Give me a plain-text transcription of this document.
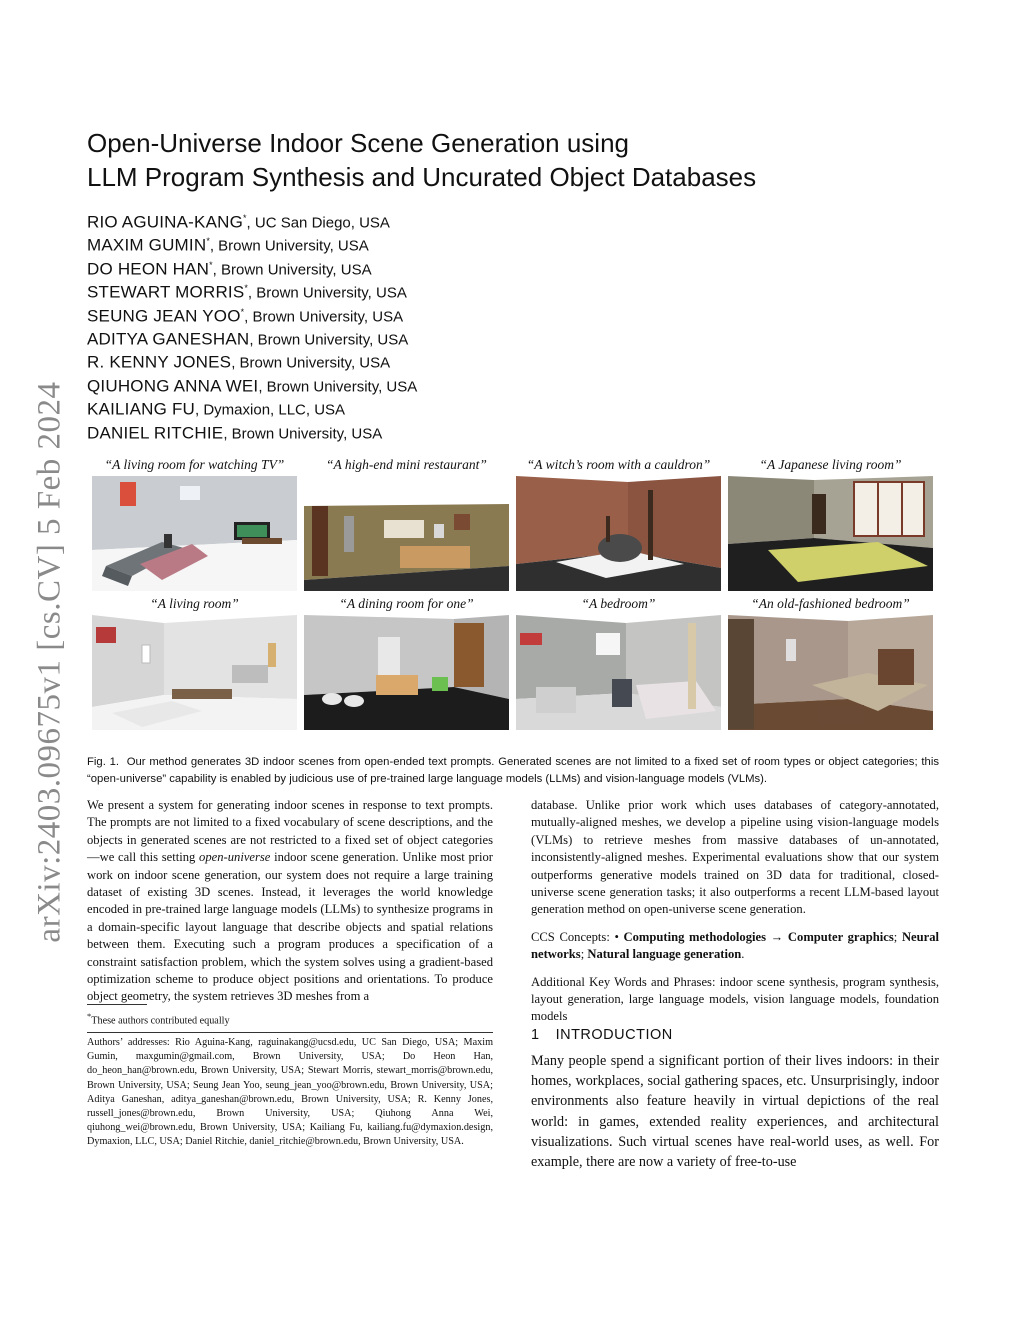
arXiv:2403.09675v1 [cs.CV] 5 Feb 2024
Open-Universe Indoor Scene Generation using
LLM Program Synthesis and Uncurated Object Databases
RIO AGUINA-KANG*, UC San Diego, USA
MAXIM GUMIN*, Brown University, USA
DO HEON HAN*, Brown University, USA
STEWART MORRIS*, Brown University, USA
SEUNG JEAN YOO*, Brown University, USA
ADITYA GANESHAN, Brown University, USA
R. KENNY JONES, Brown University, USA
QIUHONG ANNA WEI, Brown University, USA
KAILIANG FU, Dymaxion, LLC, USA
DANIEL RITCHIE, Brown University, USA
“A living room for watching TV”	“A high-end mini restaurant”	“A witch’s room with a cauldron”	“A Japanese living room”
“A living room”	“A dining room for one”	“A bedroom”	“An old-fashioned bedroom”
Fig. 1. Our method generates 3D indoor scenes from open-ended text prompts. Generated scenes are not limited to a fixed set of room types or object categories; this “open-universe” capability is enabled by judicious use of pre-trained large language models (LLMs) and vision-language models (VLMs).

We present a system for generating indoor scenes in response to text prompts. The prompts are not limited to a fixed vocabulary of scene descriptions, and the objects in generated scenes are not restricted to a fixed set of object categories—we call this setting open-universe indoor scene generation. Unlike most prior work on indoor scene generation, our system does not require a large training dataset of existing 3D scenes. Instead, it leverages the world knowledge encoded in pre-trained large language models (LLMs) to synthesize programs in a domain-specific layout language that describe objects and spatial relations between them. Executing such a program produces a specification of a constraint satisfaction problem, which the system solves using a gradient-based optimization scheme to produce object positions and orientations. To produce object geometry, the system retrieves 3D meshes from a

*These authors contributed equally
Authors’ addresses: Rio Aguina-Kang, raguinakang@ucsd.edu, UC San Diego, USA; Maxim Gumin, maxgumin@gmail.com, Brown University, USA; Do Heon Han, do_heon_han@brown.edu, Brown University, USA; Stewart Morris, stewart_morris@brown.edu, Brown University, USA; Seung Jean Yoo, seung_jean_yoo@brown.edu, Brown University, USA; Aditya Ganeshan, aditya_ganeshan@brown.edu, Brown University, USA; R. Kenny Jones, russell_jones@brown.edu, Brown University, USA; Qiuhong Anna Wei, qiuhong_wei@brown.edu, Brown University, USA; Kailiang Fu, kailiang.fu@dymaxion.design, Dymaxion, LLC, USA; Daniel Ritchie, daniel_ritchie@brown.edu, Brown University, USA.

database. Unlike prior work which uses databases of category-annotated, mutually-aligned meshes, we develop a pipeline using vision-language models (VLMs) to retrieve meshes from massive databases of un-annotated, inconsistently-aligned meshes. Experimental evaluations show that our system outperforms generative models trained on 3D data for traditional, closed-universe scene generation tasks; it also outperforms a recent LLM-based layout generation method on open-universe scene generation.

CCS Concepts: • Computing methodologies → Computer graphics; Neural networks; Natural language generation.

Additional Key Words and Phrases: indoor scene synthesis, program synthesis, layout generation, large language models, vision language models, foundation models

1 INTRODUCTION

Many people spend a significant portion of their lives indoors: in their homes, workplaces, social gathering spaces, etc. Unsurprisingly, indoor environments also feature heavily in virtual depictions of the real world: in games, extended reality experiences, and architectural visualizations. Such virtual scenes have real-world uses, as well. For example, there are now a variety of free-to-use
